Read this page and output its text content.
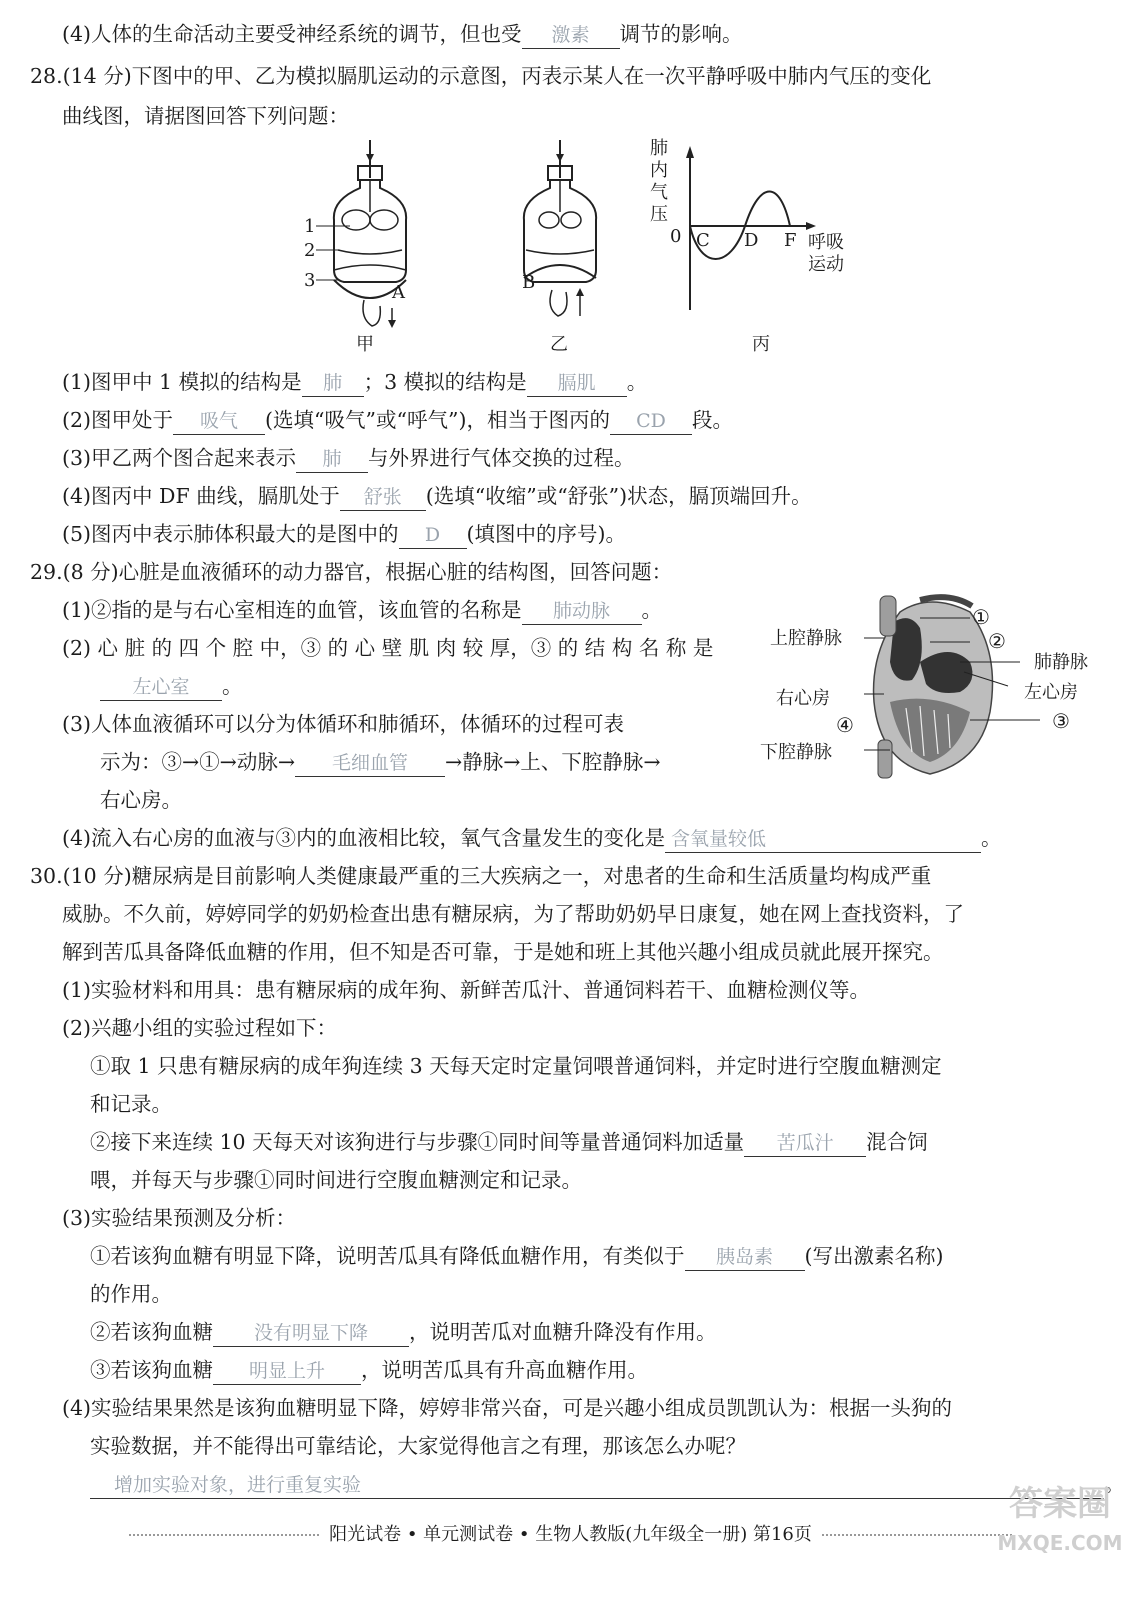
(4)人体的生命活动主要受神经系统的调节，但也受 激素 调节的影响。
28.(14 分)下图中的甲、乙为模拟膈肌运动的示意图，丙表示某人在一次平静呼吸中肺内气压的变化
曲线图，请据图回答下列问题：
1
2
3
A	B
肺
内
气
压
0 C D F 呼吸
运动
甲	乙	丙
(1)图甲中 1 模拟的结构是 肺 ；3 模拟的结构是 膈肌 。
(2)图甲处于 吸气 (选填“吸气”或“呼气”)，相当于图丙的 CD 段。
(3)甲乙两个图合起来表示 肺 与外界进行气体交换的过程。
(4)图丙中 DF 曲线，膈肌处于 舒张 (选填“收缩”或“舒张”)状态，膈顶端回升。
(5)图丙中表示肺体积最大的是图中的 D (填图中的序号)。
29.(8 分)心脏是血液循环的动力器官，根据心脏的结构图，回答问题：
(1)②指的是与右心室相连的血管，该血管的名称是 肺动脉 。
(2) 心 脏 的 四 个 腔 中，③ 的 心 壁 肌 肉 较 厚，③ 的 结 构 名 称 是
左心室 。
(3)人体血液循环可以分为体循环和肺循环，体循环的过程可表
示为：③→①→动脉→ 毛细血管 →静脉→上、下腔静脉→
右心房。
(4)流入右心房的血液与③内的血液相比较，氧气含量发生的变化是 含氧量较低	。
①
②
上腔静脉
肺静脉
左心房
右心房
④	③
下腔静脉
30.(10 分)糖尿病是目前影响人类健康最严重的三大疾病之一，对患者的生命和生活质量均构成严重
威胁。不久前，婷婷同学的奶奶检查出患有糖尿病，为了帮助奶奶早日康复，她在网上查找资料，了
解到苦瓜具备降低血糖的作用，但不知是否可靠，于是她和班上其他兴趣小组成员就此展开探究。
(1)实验材料和用具：患有糖尿病的成年狗、新鲜苦瓜汁、普通饲料若干、血糖检测仪等。
(2)兴趣小组的实验过程如下：
①取 1 只患有糖尿病的成年狗连续 3 天每天定时定量饲喂普通饲料，并定时进行空腹血糖测定
和记录。
②接下来连续 10 天每天对该狗进行与步骤①同时间等量普通饲料加适量 苦瓜汁 混合饲
喂，并每天与步骤①同时间进行空腹血糖测定和记录。
(3)实验结果预测及分析：
①若该狗血糖有明显下降，说明苦瓜具有降低血糖作用，有类似于 胰岛素 (写出激素名称)
的作用。
②若该狗血糖 没有明显下降 ，说明苦瓜对血糖升降没有作用。
③若该狗血糖 明显上升 ，说明苦瓜具有升高血糖作用。
(4)实验结果果然是该狗血糖明显下降，婷婷非常兴奋，可是兴趣小组成员凯凯认为：根据一头狗的
实验数据，并不能得出可靠结论，大家觉得他言之有理，那该怎么办呢？
增加实验对象，进行重复实验	。
阳光试卷 • 单元测试卷 • 生物人教版(九年级全一册) 第16页
答案圈
MXQE.COM
